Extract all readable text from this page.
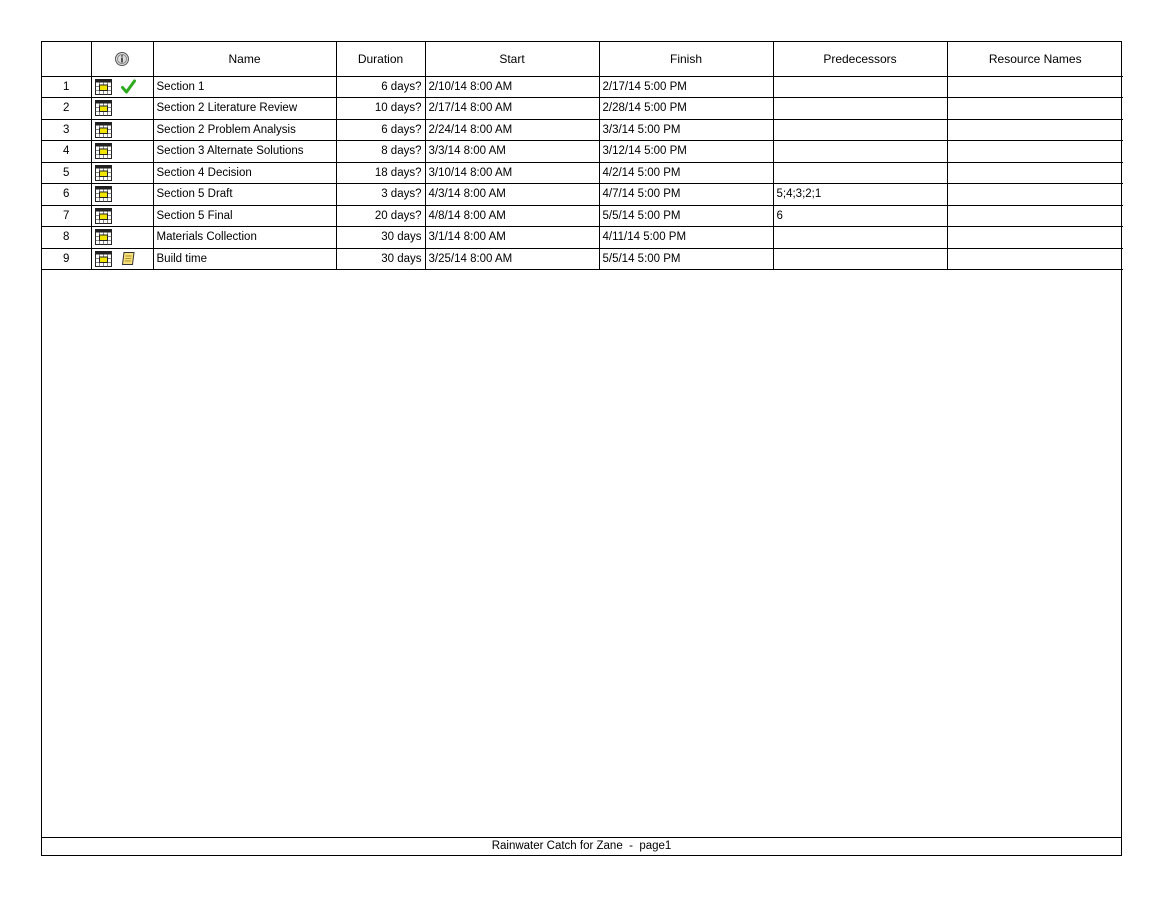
		Name	Duration	Start	Finish	Predecessors	Resource Names
1		Section 1	6 days?	2/10/14 8:00 AM	2/17/14 5:00 PM		
2		Section 2 Literature Review	10 days?	2/17/14 8:00 AM	2/28/14 5:00 PM		
3		Section 2 Problem Analysis	6 days?	2/24/14 8:00 AM	3/3/14 5:00 PM		
4		Section 3 Alternate Solutions	8 days?	3/3/14 8:00 AM	3/12/14 5:00 PM		
5		Section 4 Decision	18 days?	3/10/14 8:00 AM	4/2/14 5:00 PM		
6		Section 5 Draft	3 days?	4/3/14 8:00 AM	4/7/14 5:00 PM	5;4;3;2;1	
7		Section 5 Final	20 days?	4/8/14 8:00 AM	5/5/14 5:00 PM	6	
8		Materials Collection	30 days	3/1/14 8:00 AM	4/11/14 5:00 PM		
9		Build time	30 days	3/25/14 8:00 AM	5/5/14 5:00 PM		
Rainwater Catch for Zane  -  page1
